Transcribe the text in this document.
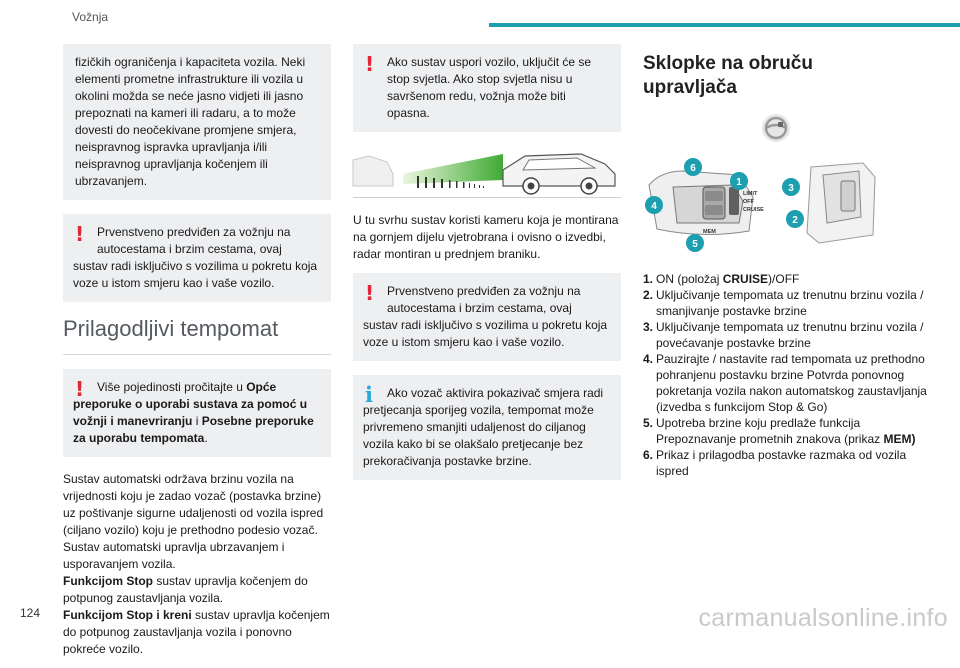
Vožnja
fizičkih ograničenja i kapaciteta vozila. Neki elementi prometne infrastrukture ili vozila u okolini možda se neće jasno vidjeti ili jasno prepoznati na kameri ili radaru, a to može dovesti do neočekivane promjene smjera, neispravnog ispravka upravljanja i/ili neispravnog upravljanja kočenjem ili ubrzavanjem.
!	Prvenstveno predviđen za vožnju na autocestama i brzim cestama, ovaj
sustav radi isključivo s vozilima u pokretu koja voze u istom smjeru kao i vaše vozilo.
Prilagodljivi tempomat
! Više pojedinosti pročitajte u Opće preporuke o uporabi sustava za pomoć u vožnji i manevriranju i Posebne preporuke za uporabu tempomata.
Sustav automatski održava brzinu vozila na vrijednosti koju je zadao vozač (postavka brzine) uz poštivanje sigurne udaljenosti od vozila ispred (ciljano vozilo) koju je prethodno podesio vozač. Sustav automatski upravlja ubrzavanjem i usporavanjem vozila.
Funkcijom Stop sustav upravlja kočenjem do potpunog zaustavljanja vozila.
Funkcijom Stop i kreni sustav upravlja kočenjem do potpunog zaustavljanja vozila i ponovno pokreće vozilo.
!	Ako sustav uspori vozilo, uključit će se stop svjetla. Ako stop svjetla nisu u savršenom redu, vožnja može biti opasna.
U tu svrhu sustav koristi kameru koja je montirana na gornjem dijelu vjetrobrana i ovisno o izvedbi, radar montiran u prednjem braniku.
!	Prvenstveno predviđen za vožnju na autocestama i brzim cestama, ovaj
sustav radi isključivo s vozilima u pokretu koja voze u istom smjeru kao i vaše vozilo.
i Ako vozač aktivira pokazivač smjera radi pretjecanja sporijeg vozila, tempomat može privremeno smanjiti udaljenost do ciljanog vozila kako bi se olakšalo pretjecanje bez prekoračivanja postavke brzine.
Sklopke na obruču
upravljača
LIMIT
OFF
CRUISE
MEM
1
2
3
4
5
6
1. ON (položaj CRUISE)/OFF
2. Uključivanje tempomata uz trenutnu brzinu vozila / smanjivanje postavke brzine
3. Uključivanje tempomata uz trenutnu brzinu vozila / povećavanje postavke brzine
4. Pauzirajte / nastavite rad tempomata uz prethodno pohranjenu postavku brzine Potvrda ponovnog pokretanja vozila nakon automatskog zaustavljanja (izvedba s funkcijom Stop & Go)
5. Upotreba brzine koju predlaže funkcija Prepoznavanje prometnih znakova (prikaz MEM)
6. Prikaz i prilagodba postavke razmaka od vozila ispred
124	carmanualsonline.info
